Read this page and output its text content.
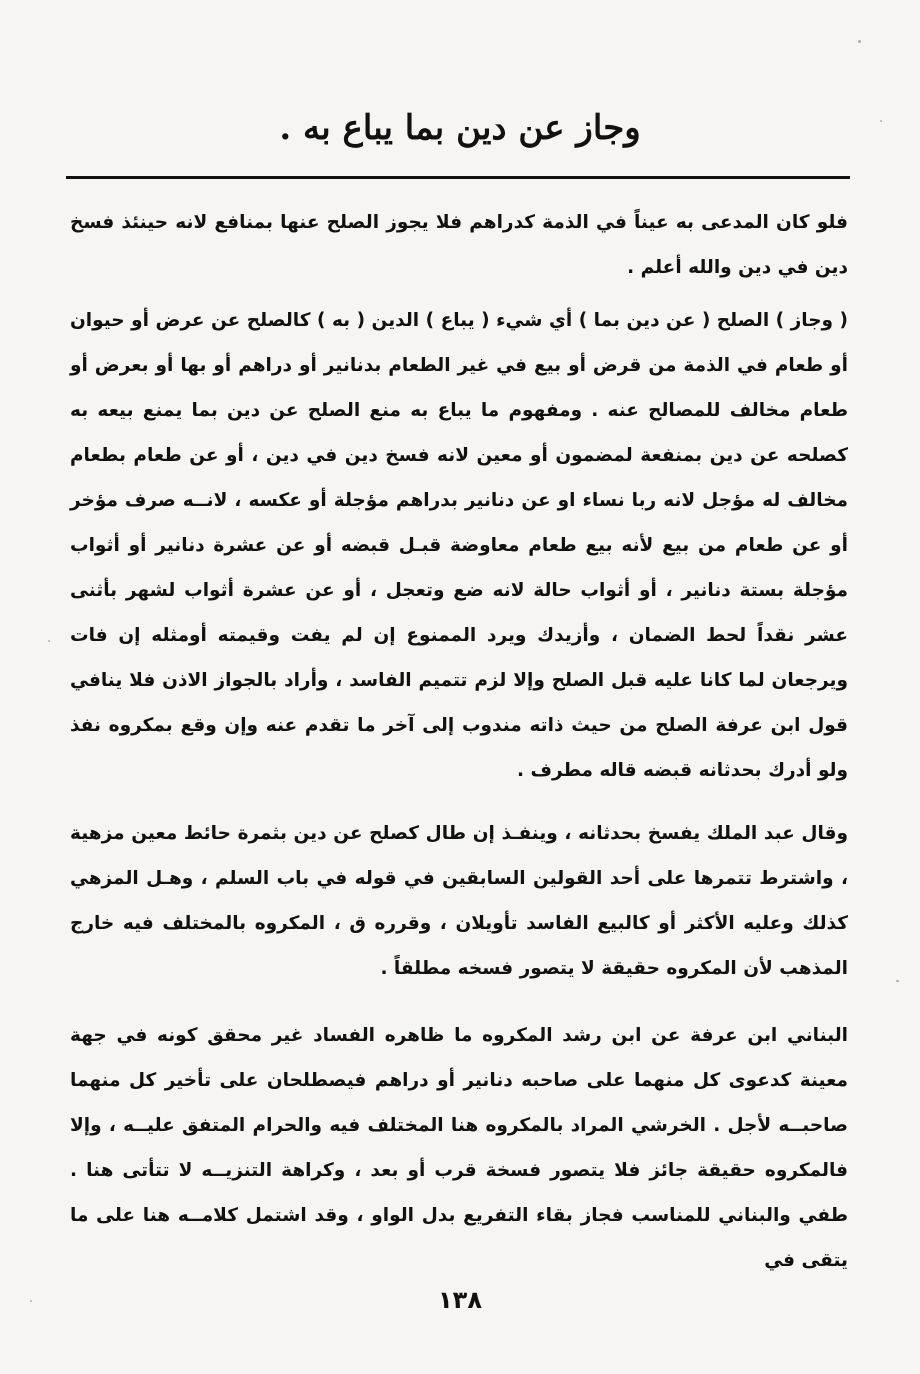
وجاز عن دين بما يباع به .

فلو كان المدعى به عيناً في الذمة كدراهم فلا يجوز الصلح عنها بمنافع لانه حينئذ فسخ دين في دين والله أعلم .

( وجاز ) الصلح ( عن دين بما ) أي شيء ( يباع ) الدين ( به ) كالصلح عن عرض أو حيوان أو طعام في الذمة من قرض أو بيع في غير الطعام بدنانير أو دراهم أو بها أو بعرض أو طعام مخالف للمصالح عنه . ومفهوم ما يباع به منع الصلح عن دين بما يمنع بيعه به كصلحه عن دين بمنفعة لمضمون أو معين لانه فسخ دين في دين ، أو عن طعام بطعام مخالف له مؤجل لانه ربا نساء او عن دنانير بدراهم مؤجلة أو عكسه ، لانــه صرف مؤخر أو عن طعام من بيع لأنه بيع طعام معاوضة قبـل قبضه أو عن عشرة دنانير أو أثواب مؤجلة بستة دنانير ، أو أثواب حالة لانه ضع وتعجل ، أو عن عشرة أثواب لشهر بأثنى عشر نقداً لحط الضمان ، وأزيدك ويرد الممنوع إن لم يفت وقيمته أومثله إن فات ويرجعان لما كانا عليه قبل الصلح وإلا لزم تتميم الفاسد ، وأراد بالجواز الاذن فلا ينافي قول ابن عرفة الصلح من حيث ذاته مندوب إلى آخر ما تقدم عنه وإن وقع بمكروه نفذ ولو أدرك بحدثانه قبضه قاله مطرف .

وقال عبد الملك يفسخ بحدثانه ، وينفـذ إن طال كصلح عن دين بثمرة حائط معين مزهية ، واشترط تتمرها على أحد القولين السابقين في قوله في باب السلم ، وهـل المزهي كذلك وعليه الأكثر أو كالبيع الفاسد تأويلان ، وقرره ق ، المكروه بالمختلف فيه خارج المذهب لأن المكروه حقيقة لا يتصور فسخه مطلقاً .

البناني ابن عرفة عن ابن رشد المكروه ما ظاهره الفساد غير محقق كونه في جهة معينة كدعوى كل منهما على صاحبه دنانير أو دراهم فيصطلحان على تأخير كل منهما صاحبــه لأجل . الخرشي المراد بالمكروه هنا المختلف فيه والحرام المتفق عليــه ، وإلا فالمكروه حقيقة جائز فلا يتصور فسخة قرب أو بعد ، وكراهة التنزيــه لا تتأتى هنا . طفي والبناني للمناسب فجاز بقاء التفريع بدل الواو ، وقد اشتمل كلامــه هنا على ما يتقى في

١٣٨
